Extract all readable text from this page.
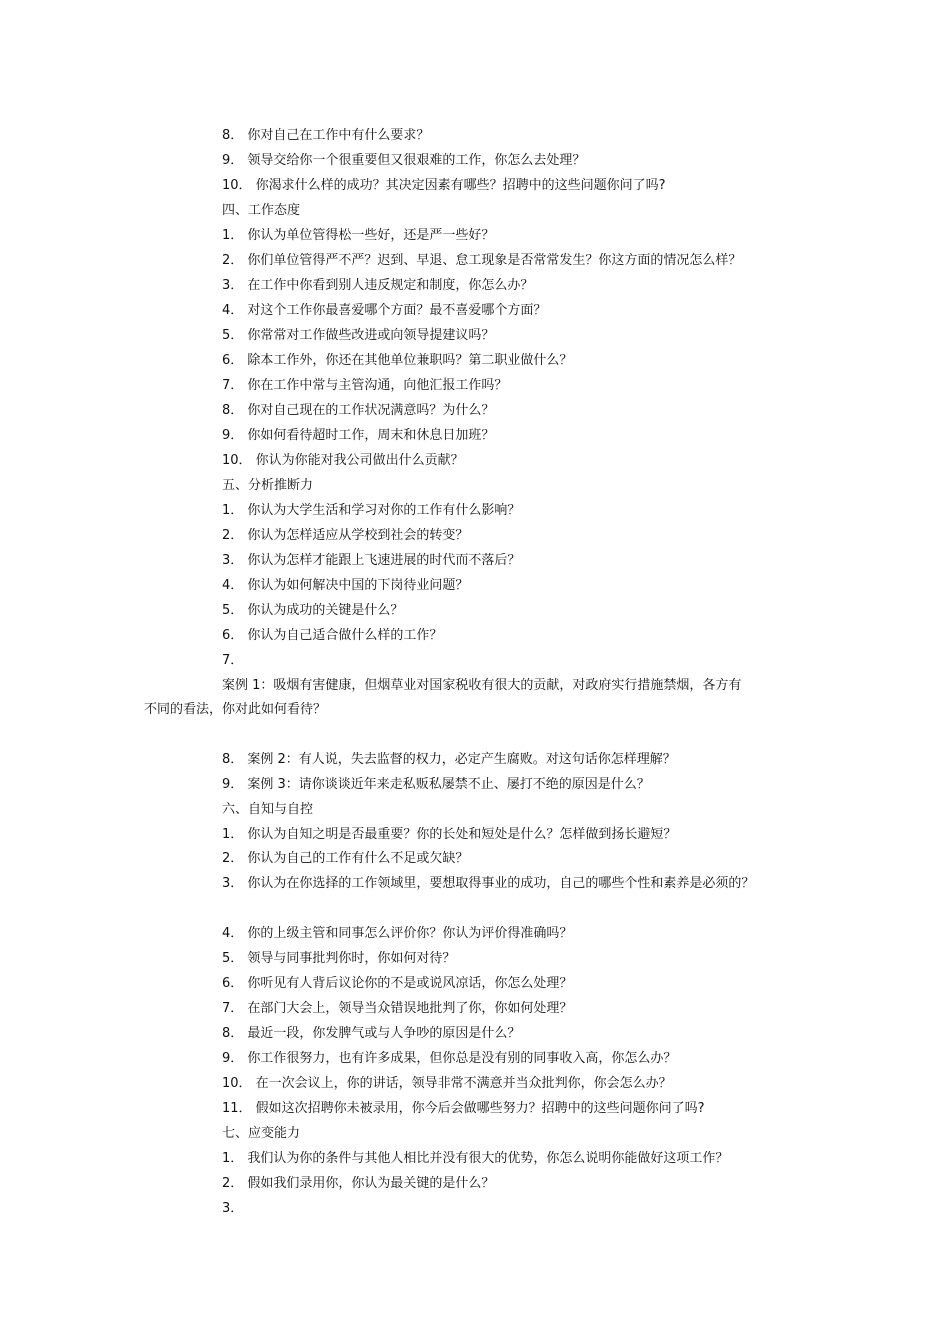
8． 你对自己在工作中有什么要求？
9． 领导交给你一个很重要但又很艰难的工作，你怎么去处理？
10． 你渴求什么样的成功？其决定因素有哪些？招聘中的这些问题你问了吗?
四、工作态度
1． 你认为单位管得松一些好，还是严一些好？
2． 你们单位管得严不严？迟到、早退、怠工现象是否常常发生？你这方面的情况怎么样？
3． 在工作中你看到别人违反规定和制度，你怎么办？
4． 对这个工作你最喜爱哪个方面？最不喜爱哪个方面？
5． 你常常对工作做些改进或向领导提建议吗？
6． 除本工作外，你还在其他单位兼职吗？第二职业做什么？
7． 你在工作中常与主管沟通，向他汇报工作吗？
8． 你对自己现在的工作状况满意吗？为什么？
9． 你如何看待超时工作，周末和休息日加班？
10． 你认为你能对我公司做出什么贡献？
五、分析推断力
1． 你认为大学生活和学习对你的工作有什么影响？
2． 你认为怎样适应从学校到社会的转变？
3． 你认为怎样才能跟上飞速进展的时代而不落后？
4． 你认为如何解决中国的下岗待业问题？
5． 你认为成功的关键是什么？
6． 你认为自己适合做什么样的工作？
7．
案例 1：吸烟有害健康，但烟草业对国家税收有很大的贡献，对政府实行措施禁烟，各方有
不同的看法，你对此如何看待？
8． 案例 2：有人说，失去监督的权力，必定产生腐败。对这句话你怎样理解？
9． 案例 3：请你谈谈近年来走私贩私屡禁不止、屡打不绝的原因是什么？
六、自知与自控
1． 你认为自知之明是否最重要？你的长处和短处是什么？怎样做到扬长避短？
2． 你认为自己的工作有什么不足或欠缺？
3． 你认为在你选择的工作领域里，要想取得事业的成功，自己的哪些个性和素养是必须的？
4． 你的上级主管和同事怎么评价你？你认为评价得准确吗？
5． 领导与同事批判你时，你如何对待？
6． 你听见有人背后议论你的不是或说风凉话，你怎么处理？
7． 在部门大会上，领导当众错误地批判了你，你如何处理？
8． 最近一段，你发脾气或与人争吵的原因是什么？
9． 你工作很努力，也有许多成果，但你总是没有别的同事收入高，你怎么办？
10． 在一次会议上，你的讲话，领导非常不满意并当众批判你，你会怎么办？
11． 假如这次招聘你未被录用，你今后会做哪些努力？招聘中的这些问题你问了吗?
七、应变能力
1． 我们认为你的条件与其他人相比并没有很大的优势，你怎么说明你能做好这项工作？
2． 假如我们录用你，你认为最关键的是什么？
3．
